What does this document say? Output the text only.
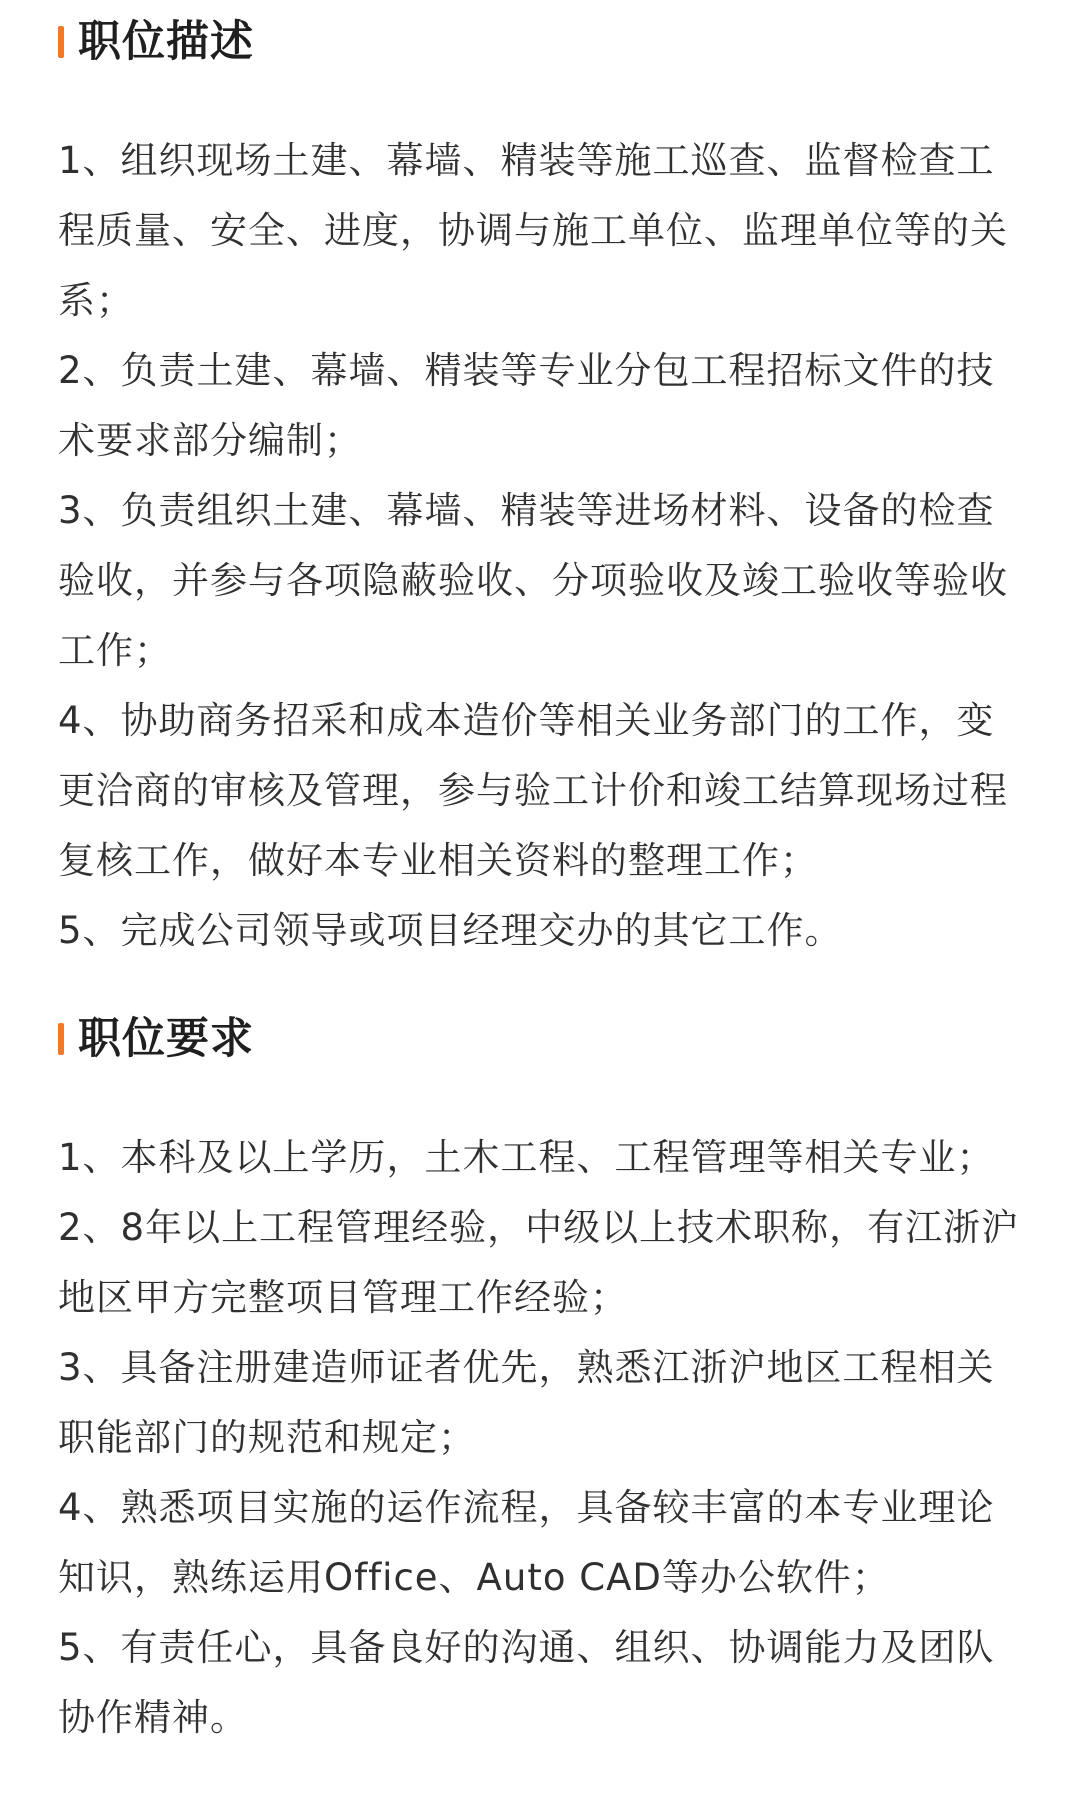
职位描述
1、组织现场土建、幕墙、精装等施工巡查、监督检查工程质量、安全、进度，协调与施工单位、监理单位等的关系；
2、负责土建、幕墙、精装等专业分包工程招标文件的技术要求部分编制；
3、负责组织土建、幕墙、精装等进场材料、设备的检查验收，并参与各项隐蔽验收、分项验收及竣工验收等验收工作；
4、协助商务招采和成本造价等相关业务部门的工作，变更洽商的审核及管理，参与验工计价和竣工结算现场过程复核工作，做好本专业相关资料的整理工作；
5、完成公司领导或项目经理交办的其它工作。
职位要求
1、本科及以上学历，土木工程、工程管理等相关专业；
2、8年以上工程管理经验，中级以上技术职称，有江浙沪地区甲方完整项目管理工作经验；
3、具备注册建造师证者优先，熟悉江浙沪地区工程相关职能部门的规范和规定；
4、熟悉项目实施的运作流程，具备较丰富的本专业理论知识，熟练运用Office、Auto CAD等办公软件；
5、有责任心，具备良好的沟通、组织、协调能力及团队协作精神。
